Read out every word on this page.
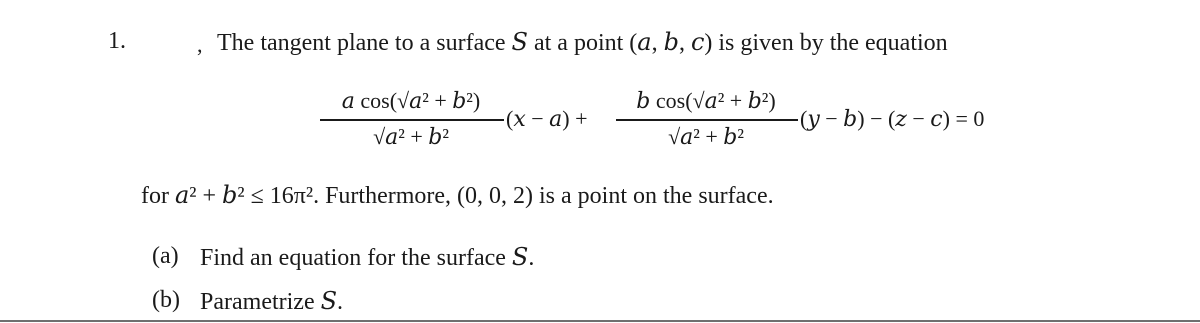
1.	, The tangent plane to a surface 𝑆 at a point (𝑎, 𝑏, 𝑐) is given by the equation
𝑎 cos(√𝑎² + 𝑏²)
√𝑎² + 𝑏²
(𝑥 − 𝑎) +
𝑏 cos(√𝑎² + 𝑏²)
√𝑎² + 𝑏²
(𝑦 − 𝑏) − (𝑧 − 𝑐) = 0
for 𝑎² + 𝑏² ≤ 16π². Furthermore, (0, 0, 2) is a point on the surface.
(a) Find an equation for the surface 𝑆.
(b) Parametrize 𝑆.
